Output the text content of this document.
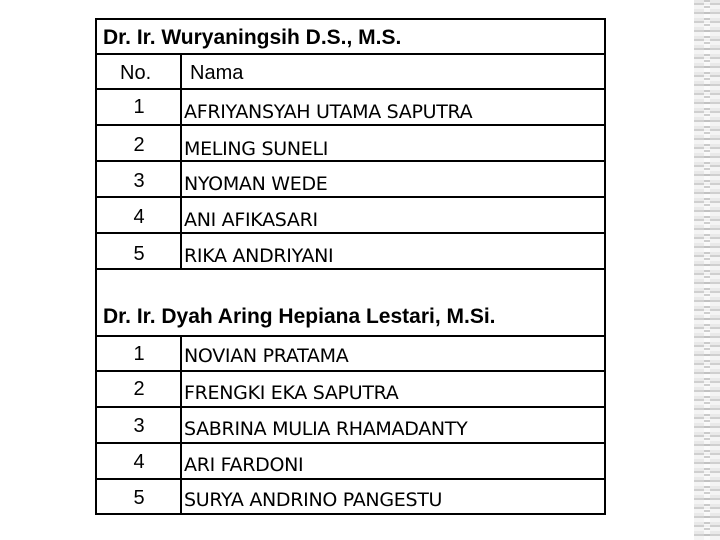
Dr. Ir. Wuryaningsih D.S., M.S.
No. Nama
1	AFRIYANSYAH UTAMA SAPUTRA
2	MELING SUNELI
3	NYOMAN WEDE
4	ANI AFIKASARI
5	RIKA ANDRIYANI
Dr. Ir. Dyah Aring Hepiana Lestari, M.Si.
1	NOVIAN PRATAMA
2	FRENGKI EKA SAPUTRA
3	SABRINA MULIA RHAMADANTY
4	ARI FARDONI
5	SURYA ANDRINO PANGESTU
